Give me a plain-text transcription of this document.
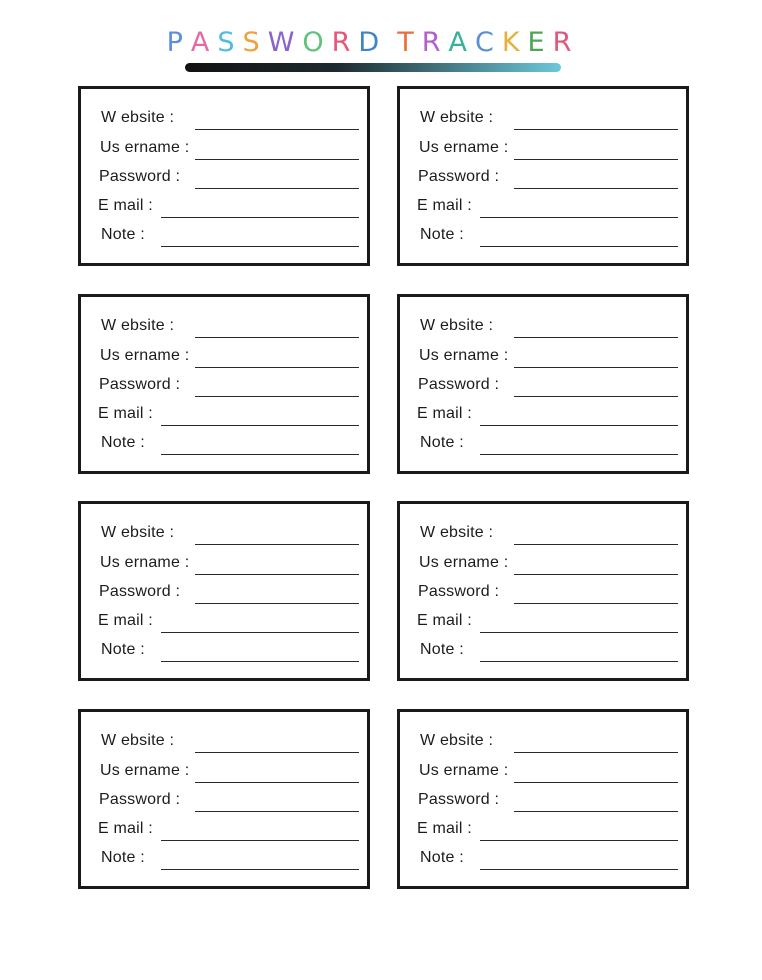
PASSWORD TRACKER
W ebsite :
Us ername :
Password :
E mail :
Note :
W ebsite :
Us ername :
Password :
E mail :
Note :
W ebsite :
Us ername :
Password :
E mail :
Note :
W ebsite :
Us ername :
Password :
E mail :
Note :
W ebsite :
Us ername :
Password :
E mail :
Note :
W ebsite :
Us ername :
Password :
E mail :
Note :
W ebsite :
Us ername :
Password :
E mail :
Note :
W ebsite :
Us ername :
Password :
E mail :
Note :
